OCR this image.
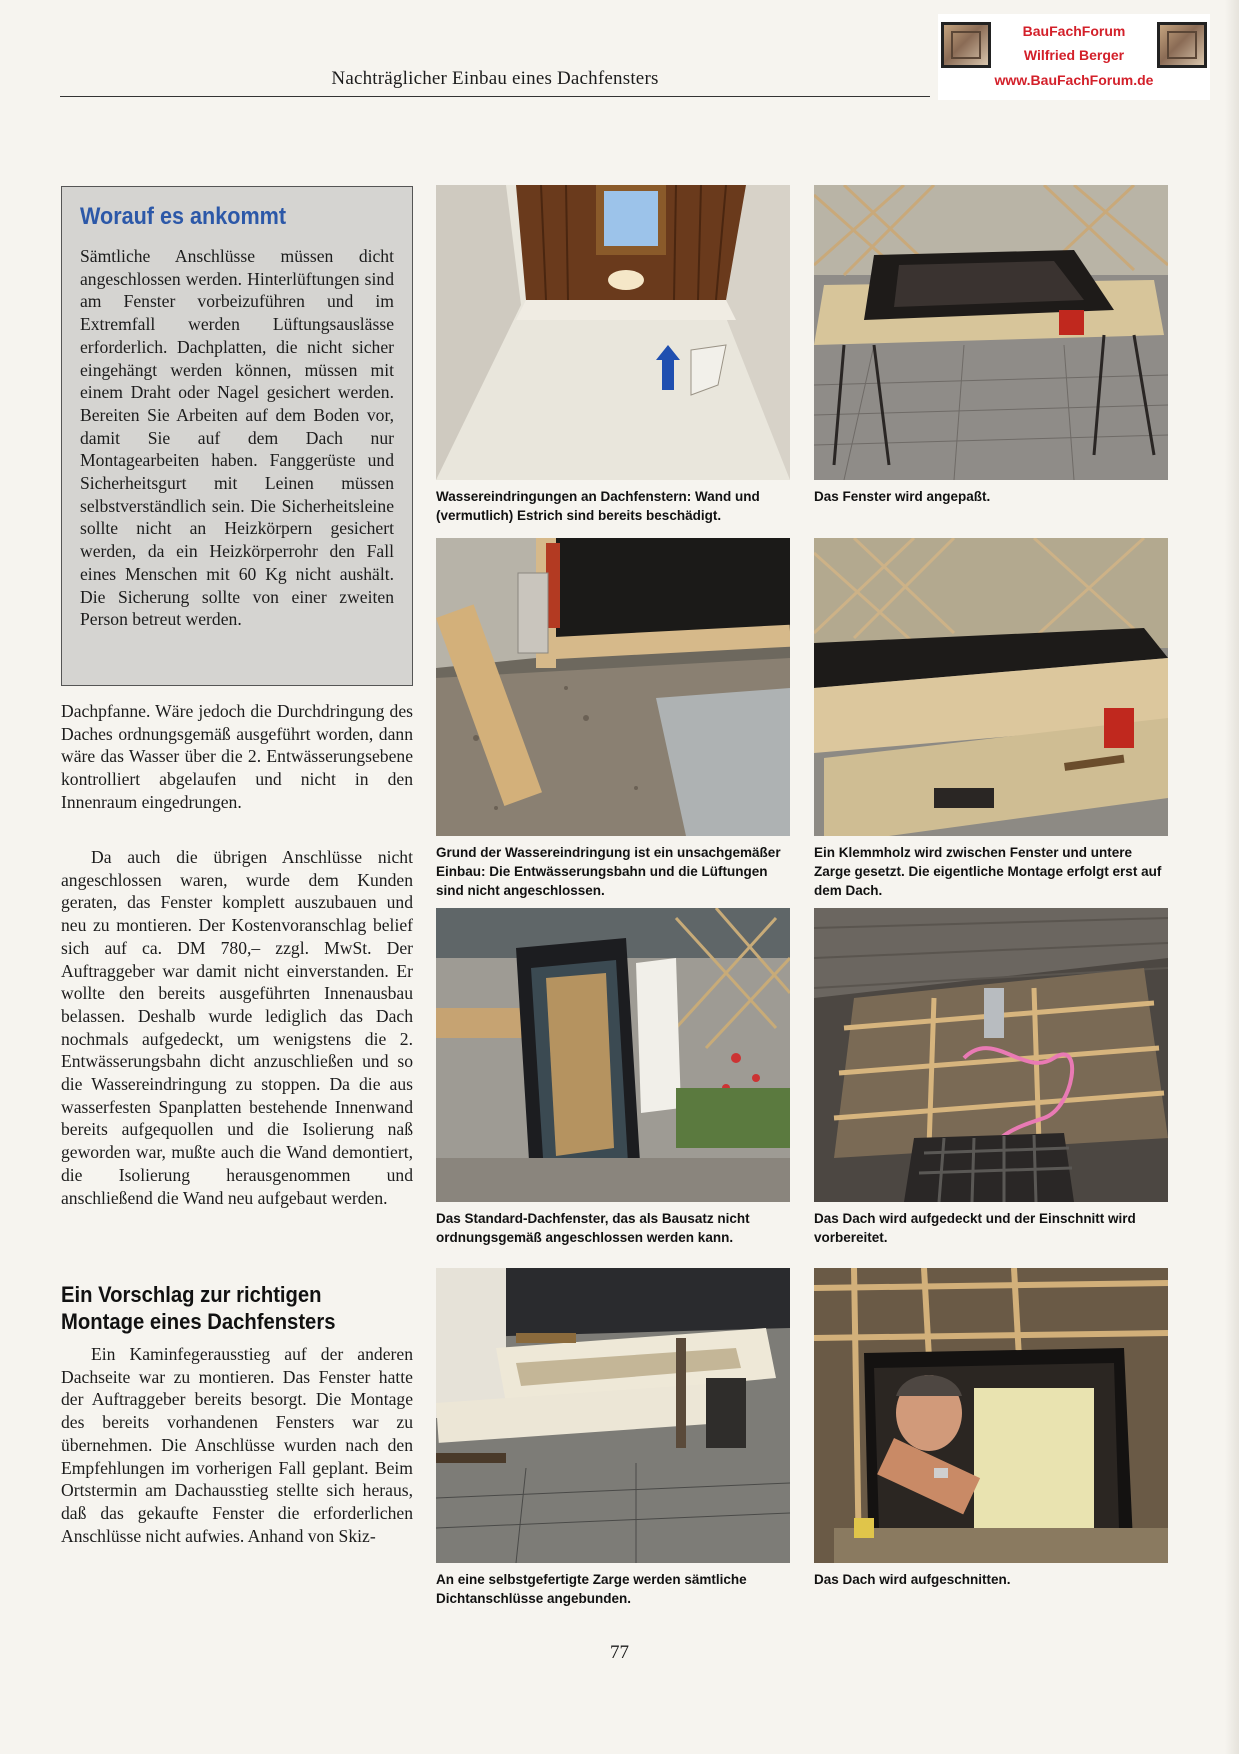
Nachträglicher Einbau eines Dachfensters
BauFachForum
Wilfried Berger
www.BauFachForum.de
Worauf es ankommt

Sämtliche Anschlüsse müssen dicht angeschlossen werden. Hinterlüftungen sind am Fenster vorbeizuführen und im Extremfall werden Lüftungsauslässe erforderlich. Dachplatten, die nicht sicher eingehängt werden können, müssen mit einem Draht oder Nagel gesichert werden. Bereiten Sie Arbeiten auf dem Boden vor, damit Sie auf dem Dach nur Montagearbeiten haben. Fanggerüste und Sicherheitsgurt mit Leinen müssen selbstverständlich sein. Die Sicherheitsleine sollte nicht an Heizkörpern gesichert werden, da ein Heizkörperrohr den Fall eines Menschen mit 60 Kg nicht aushält. Die Sicherung sollte von einer zweiten Person betreut werden.

Dachpfanne. Wäre jedoch die Durchdringung des Daches ordnungsgemäß ausgeführt worden, dann wäre das Wasser über die 2. Entwässerungsebene kontrolliert abgelaufen und nicht in den Innenraum eingedrungen.

Da auch die übrigen Anschlüsse nicht angeschlossen waren, wurde dem Kunden geraten, das Fenster komplett auszubauen und neu zu montieren. Der Kostenvoranschlag belief sich auf ca. DM 780,– zzgl. MwSt. Der Auftraggeber war damit nicht einverstanden. Er wollte den bereits ausgeführten Innenausbau belassen. Deshalb wurde lediglich das Dach nochmals aufgedeckt, um wenigstens die 2. Entwässerungsbahn dicht anzuschließen und so die Wassereindringung zu stoppen. Da die aus wasserfesten Spanplatten bestehende Innenwand bereits aufgequollen und die Isolierung naß geworden war, mußte auch die Wand demontiert, die Isolierung herausgenommen und anschließend die Wand neu aufgebaut werden.

Ein Vorschlag zur richtigen Montage eines Dachfensters

Ein Kaminfegerausstieg auf der anderen Dachseite war zu montieren. Das Fenster hatte der Auftraggeber bereits besorgt. Die Montage des bereits vorhandenen Fensters war zu übernehmen. Die Anschlüsse wurden nach den Empfehlungen im vorherigen Fall geplant. Beim Ortstermin am Dachausstieg stellte sich heraus, daß das gekaufte Fenster die erforderlichen Anschlüsse nicht aufwies. Anhand von Skiz-

Wassereindringungen an Dachfenstern: Wand und (vermutlich) Estrich sind bereits beschädigt.

Das Fenster wird angepaßt.

Grund der Wassereindringung ist ein unsachgemäßer Einbau: Die Entwässerungsbahn und die Lüftungen sind nicht angeschlossen.

Ein Klemmholz wird zwischen Fenster und untere Zarge gesetzt. Die eigentliche Montage erfolgt erst auf dem Dach.

Das Standard-Dachfenster, das als Bausatz nicht ordnungsgemäß angeschlossen werden kann.

Das Dach wird aufgedeckt und der Einschnitt wird vorbereitet.

An eine selbstgefertigte Zarge werden sämtliche Dichtanschlüsse angebunden.

Das Dach wird aufgeschnitten.

77
